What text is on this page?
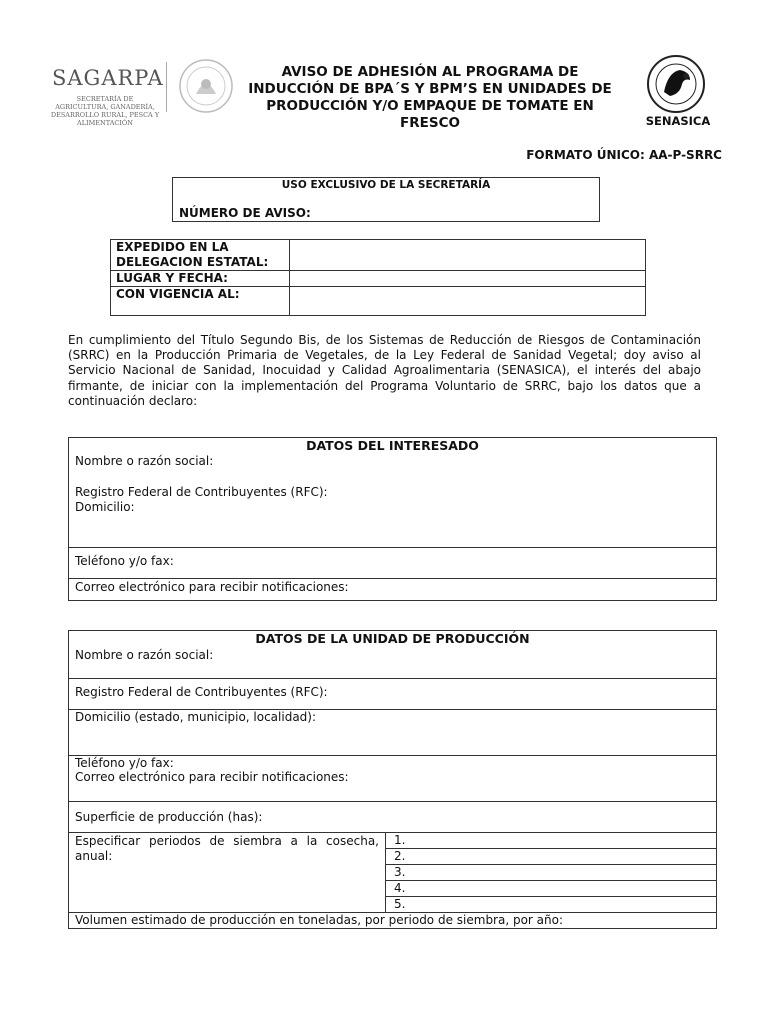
SAGARPA
SECRETARÍA DE AGRICULTURA, GANADERÍA, DESARROLLO RURAL, PESCA Y ALIMENTACIÓN
AVISO DE ADHESIÓN AL PROGRAMA DE INDUCCIÓN DE BPA´S Y BPM’S EN UNIDADES DE PRODUCCIÓN Y/O EMPAQUE DE TOMATE EN FRESCO	SENASICA
FORMATO ÚNICO: AA-P-SRRC
USO EXCLUSIVO DE LA SECRETARÍA
NÚMERO DE AVISO:
EXPEDIDO EN LA
DELEGACION ESTATAL:	

LUGAR Y FECHA:	
CON VIGENCIA AL:	
En cumplimiento del Título Segundo Bis, de los Sistemas de Reducción de Riesgos de Contaminación (SRRC) en la Producción Primaria de Vegetales, de la Ley Federal de Sanidad Vegetal; doy aviso al Servicio Nacional de Sanidad, Inocuidad y Calidad Agroalimentaria (SENASICA), el interés del abajo firmante, de iniciar con la implementación del Programa Voluntario de SRRC, bajo los datos que a continuación declaro:
DATOS DEL INTERESADO
Nombre o razón social:
Registro Federal de Contribuyentes (RFC):
Domicilio:
Teléfono y/o fax:
Correo electrónico para recibir notificaciones:
DATOS DE LA UNIDAD DE PRODUCCIÓN
Nombre o razón social:
Registro Federal de Contribuyentes (RFC):
Domicilio (estado, municipio, localidad):
Teléfono y/o fax:
Correo electrónico para recibir notificaciones:
Superficie de producción (has):
Especificar periodos de siembra a la cosecha, anual:
1.
2.
3.
4.
5.
Volumen estimado de producción en toneladas, por periodo de siembra, por año:
